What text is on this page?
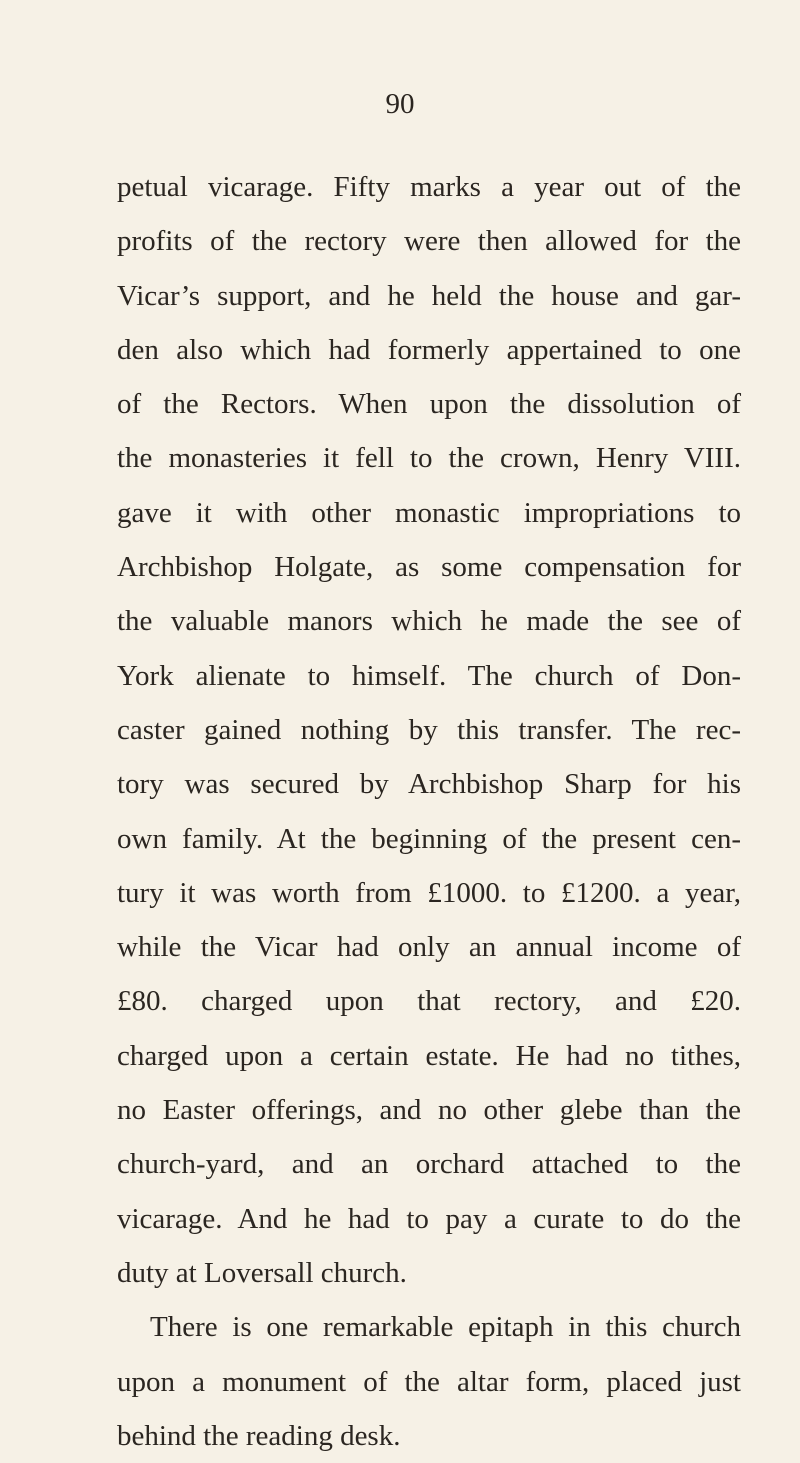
90
petual vicarage. Fifty marks a year out of the
profits of the rectory were then allowed for the
Vicar’s support, and he held the house and gar-
den also which had formerly appertained to one
of the Rectors. When upon the dissolution of
the monasteries it fell to the crown, Henry VIII.
gave it with other monastic impropriations to
Archbishop Holgate, as some compensation for
the valuable manors which he made the see of
York alienate to himself. The church of Don-
caster gained nothing by this transfer. The rec-
tory was secured by Archbishop Sharp for his
own family. At the beginning of the present cen-
tury it was worth from £1000. to £1200. a year,
while the Vicar had only an annual income of
£80. charged upon that rectory, and £20.
charged upon a certain estate. He had no tithes,
no Easter offerings, and no other glebe than the
church-yard, and an orchard attached to the
vicarage. And he had to pay a curate to do the
duty at Loversall church.
There is one remarkable epitaph in this church
upon a monument of the altar form, placed just
behind the reading desk.
